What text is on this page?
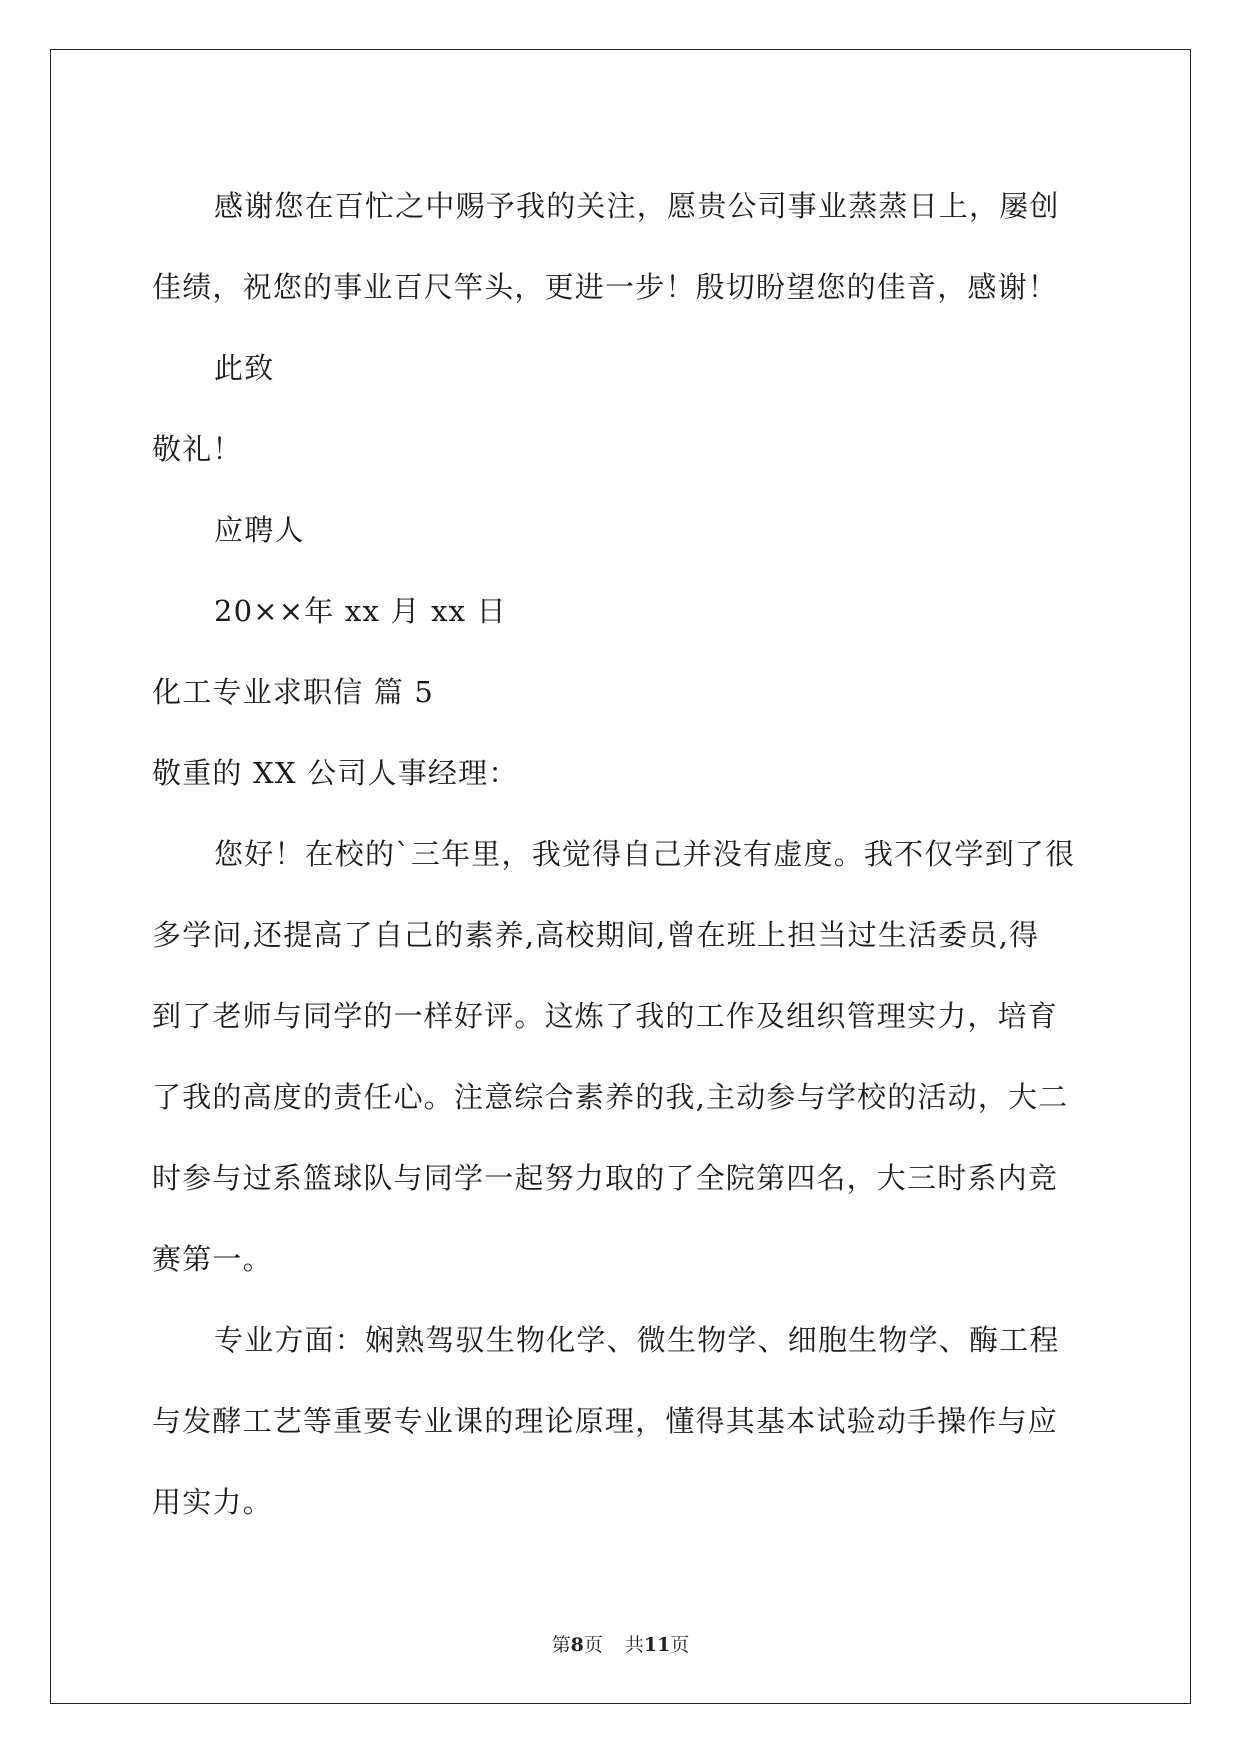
感谢您在百忙之中赐予我的关注，愿贵公司事业蒸蒸日上，屡创
佳绩，祝您的事业百尺竿头，更进一步！殷切盼望您的佳音，感谢！
此致
敬礼！
应聘人
20××年 xx 月 xx 日
化工专业求职信 篇 5
敬重的 XX 公司人事经理：
您好！在校的`三年里，我觉得自己并没有虚度。我不仅学到了很
多学问,还提高了自己的素养,高校期间,曾在班上担当过生活委员,得
到了老师与同学的一样好评。这炼了我的工作及组织管理实力，培育
了我的高度的责任心。注意综合素养的我,主动参与学校的活动，大二
时参与过系篮球队与同学一起努力取的了全院第四名，大三时系内竞
赛第一。
专业方面：娴熟驾驭生物化学、微生物学、细胞生物学、酶工程
与发酵工艺等重要专业课的理论原理，懂得其基本试验动手操作与应
用实力。
第8页 共11页
